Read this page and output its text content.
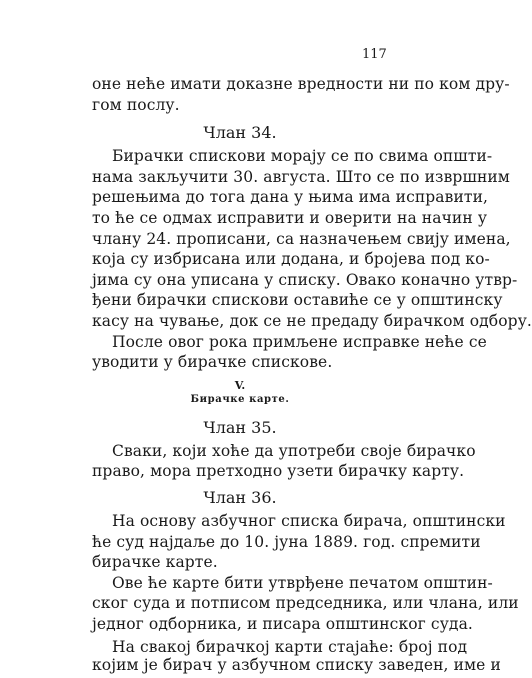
117
оне неће имати доказне вредности ни по ком дру-
гом послу.
Члан 34.
Бирачки спискови морају се по свима општи-
нама закључити 30. августа. Што се по извршним
решењима до тога дана у њима има исправити,
то ће се одмах исправити и оверити на начин у
члану 24. прописани, са назначењем свију имена,
која су избрисана или додана, и бројева под ко-
јима су она уписана у списку. Овако коначно утвр-
ђени бирачки спискови оставиће се у општинску
касу на чување, док се не предаду бирачком одбору.
После овог рока примљене исправке неће се
уводити у бирачке спискове.
V.
Бирачке карте.
Члан 35.
Сваки, који хоће да употреби своје бирачко
право, мора претходно узети бирачку карту.
Члан 36.
На основу азбучног списка бирача, општински
ће суд најдаље до 10. јуна 1889. год. спремити
бирачке карте.
Ове ће карте бити утврђене печатом општин-
ског суда и потписом председника, или члана, или
једног одборника, и писара општинског суда.
На свакој бирачкој карти стајаће: број под
којим је бирач у азбучном списку заведен, име и
